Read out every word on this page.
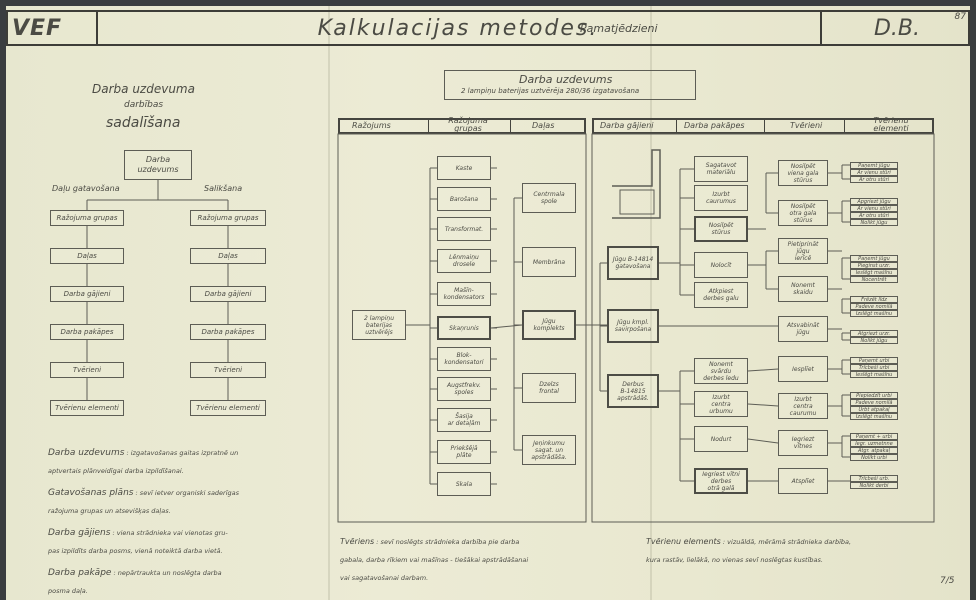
VEF	Kalkulacijas metodes.
Pamatjēdzieni	D.B.	87
Darba uzdevuma
darbības
sadalīšana
Darba
uzdevums
Daļu gatavošana	Salikšana

Darba uzdevums : izgatavošanas gaitas izpratnē un

aptvertais plānveidīgai darba izpildīšanai.

Gatavošanas plāns : sevī ietver organiski saderīgas

ražojuma grupas un atsevišķas daļas.

Darba gājiens : viena strādnieka vai vienotas gru-

pas izpildīts darba posms, vienā noteiktā darba vietā.

Darba pakāpe : nepārtraukta un noslēgta darba

posma daļa.

Darba uzdevums
2 lampiņu baterijas uztvērēja 280/36 izgatavošana
Ražojums
Ražojuma grupas	Daļas
2 lampiņu
baterijas
uztvērējs

Tvēriens : sevī noslēgts strādnieka darbība pie darba

gabala, darba rīkiem vai mašīnas - tiešākai apstrādāšanai

vai sagatavošanai darbam.

Darba gājieni	Darba pakāpes	Tvērieni
Tvērienu elementi

Tvērienu elements : vizuāldā, mērāmā strādnieka darbība,

kura rastāv, lielākā, no vienas sevī noslēgtas kustības.

7/5
Ražojuma grupas
Daļas
Darba gājieni
Darba pakāpes
Tvērieni
Tvērienu elementi
Ražojuma grupas
Daļas
Darba gājieni
Darba pakāpes
Tvērieni
Tvērienu elementi
Kaste
Barošana
Transformat.
Lēnmaiņu
drosele
Mašīn-
kondensators
Skaņrunis
Blok-
kondensatori
Augstfrekv.
spoles
Šasija
ar detaļām
Priekšējā
plāte
Skala
Centrmala
spole
Membrāna
Jūgu
komplekts
Dzelzs
frontal
Jeņinkumu
sagat. un
apstrādāša.
Jūgu B-14814
gatavošana
Jūgu kmpl.
savirpošana
Derbus
B-14815
apstrādāš.
Sagatavot
materiālu
Izurbt
caurumus
Nosilpēt
stūrus
Nolocīt
Atkpiest
derbes galu
Nonemt
svārdu
derbes ledu
Izurbt
centra
urbumu
Nodurt
Iegriest vītni
derbes
otrā galā
Nosilpēt
viena gala
stūrus
Nosilpēt
otra gala
stūrus
Pietiprināt
jūgu
ierīcē
Nonemt
skaidu
Atsvabināt
jūgu
Iesplīet
Izurbt
centra
caurumu
Iegriezt
vītnes
Atsplīet
Paņemt jūgu
Ar vienu stūri
Ar otru stūri
Apgriezt jūgu
Ar vienu stūri
Ar otru stūri
Nolikt jūgu
Paņemt jūgu
Pieginst urzr.
Ieslēgt mašīnu
Nocentrēt
Frēzēt līdz
Padeve nomilā
Izslēgt mašīnu
Atgriezt urzr.
Nolikt jūgu
Paņemt urbi
Trīcbeši urbi
Ieslēgt mašīnu
Piepiedzīt urbi
Padeve nomilā
Urbt atpakaļ
Izslēgt mašīnu
Paņemt + urbi
Iegr. uzmetnne
Atgr. atpakaļ
Nolikt urbi
Trīcbeši urb.
Nolikt derbi
